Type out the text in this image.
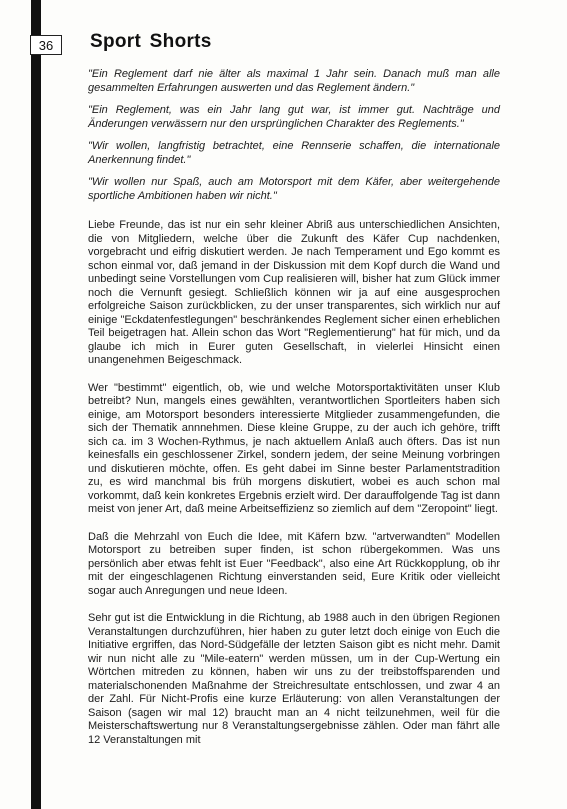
36	Sport Shorts

"Ein Reglement darf nie älter als maximal 1 Jahr sein. Danach muß man alle gesammelten Erfahrungen auswerten und das Reglement ändern."

"Ein Reglement, was ein Jahr lang gut war, ist immer gut. Nachträge und Änderungen verwässern nur den ursprünglichen Charakter des Reglements."

"Wir wollen, langfristig betrachtet, eine Rennserie schaffen, die internationale Anerkennung findet."

"Wir wollen nur Spaß, auch am Motorsport mit dem Käfer, aber weitergehende sportliche Ambitionen haben wir nicht."

Liebe Freunde, das ist nur ein sehr kleiner Abriß aus unterschiedlichen Ansichten, die von Mitgliedern, welche über die Zukunft des Käfer Cup nachdenken, vorgebracht und eifrig diskutiert werden. Je nach Temperament und Ego kommt es schon einmal vor, daß jemand in der Diskussion mit dem Kopf durch die Wand und unbedingt seine Vorstellungen vom Cup realisieren will, bisher hat zum Glück immer noch die Vernunft gesiegt. Schließlich können wir ja auf eine ausgesprochen erfolgreiche Saison zurückblicken, zu der unser transparentes, sich wirklich nur auf einige "Eckdatenfestlegungen" beschränkendes Reglement sicher einen erheblichen Teil beigetragen hat. Allein schon das Wort "Reglementierung" hat für mich, und da glaube ich mich in Eurer guten Gesellschaft, in vielerlei Hinsicht einen unangenehmen Beigeschmack.

Wer "bestimmt" eigentlich, ob, wie und welche Motorsportaktivitäten unser Klub betreibt? Nun, mangels eines gewählten, verantwortlichen Sportleiters haben sich einige, am Motorsport besonders interessierte Mitglieder zusammengefunden, die sich der Thematik annnehmen. Diese kleine Gruppe, zu der auch ich gehöre, trifft sich ca. im 3 Wochen-Rythmus, je nach aktuellem Anlaß auch öfters. Das ist nun keinesfalls ein geschlossener Zirkel, sondern jedem, der seine Meinung vorbringen und diskutieren möchte, offen. Es geht dabei im Sinne bester Parlamentstradition zu, es wird manchmal bis früh morgens diskutiert, wobei es auch schon mal vorkommt, daß kein konkretes Ergebnis erzielt wird. Der darauffolgende Tag ist dann meist von jener Art, daß meine Arbeitseffizienz so ziemlich auf dem "Zeropoint" liegt.

Daß die Mehrzahl von Euch die Idee, mit Käfern bzw. "artverwandten" Modellen Motorsport zu betreiben super finden, ist schon rübergekommen. Was uns persönlich aber etwas fehlt ist Euer "Feedback", also eine Art Rückkopplung, ob ihr mit der eingeschlagenen Richtung einverstanden seid, Eure Kritik oder vielleicht sogar auch Anregungen und neue Ideen.

Sehr gut ist die Entwicklung in die Richtung, ab 1988 auch in den übrigen Regionen Veranstaltungen durchzuführen, hier haben zu guter letzt doch einige von Euch die Initiative ergriffen, das Nord-Südgefälle der letzten Saison gibt es nicht mehr. Damit wir nun nicht alle zu "Mile-eatern" werden müssen, um in der Cup-Wertung ein Wörtchen mitreden zu können, haben wir uns zu der treibstoffsparenden und materialschonenden Maßnahme der Streichresultate entschlossen, und zwar 4 an der Zahl. Für Nicht-Profis eine kurze Erläuterung: von allen Veranstaltungen der Saison (sagen wir mal 12) braucht man an 4 nicht teilzunehmen, weil für die Meisterschaftswertung nur 8 Veranstaltungsergebnisse zählen. Oder man fährt alle 12 Veranstaltungen mit
